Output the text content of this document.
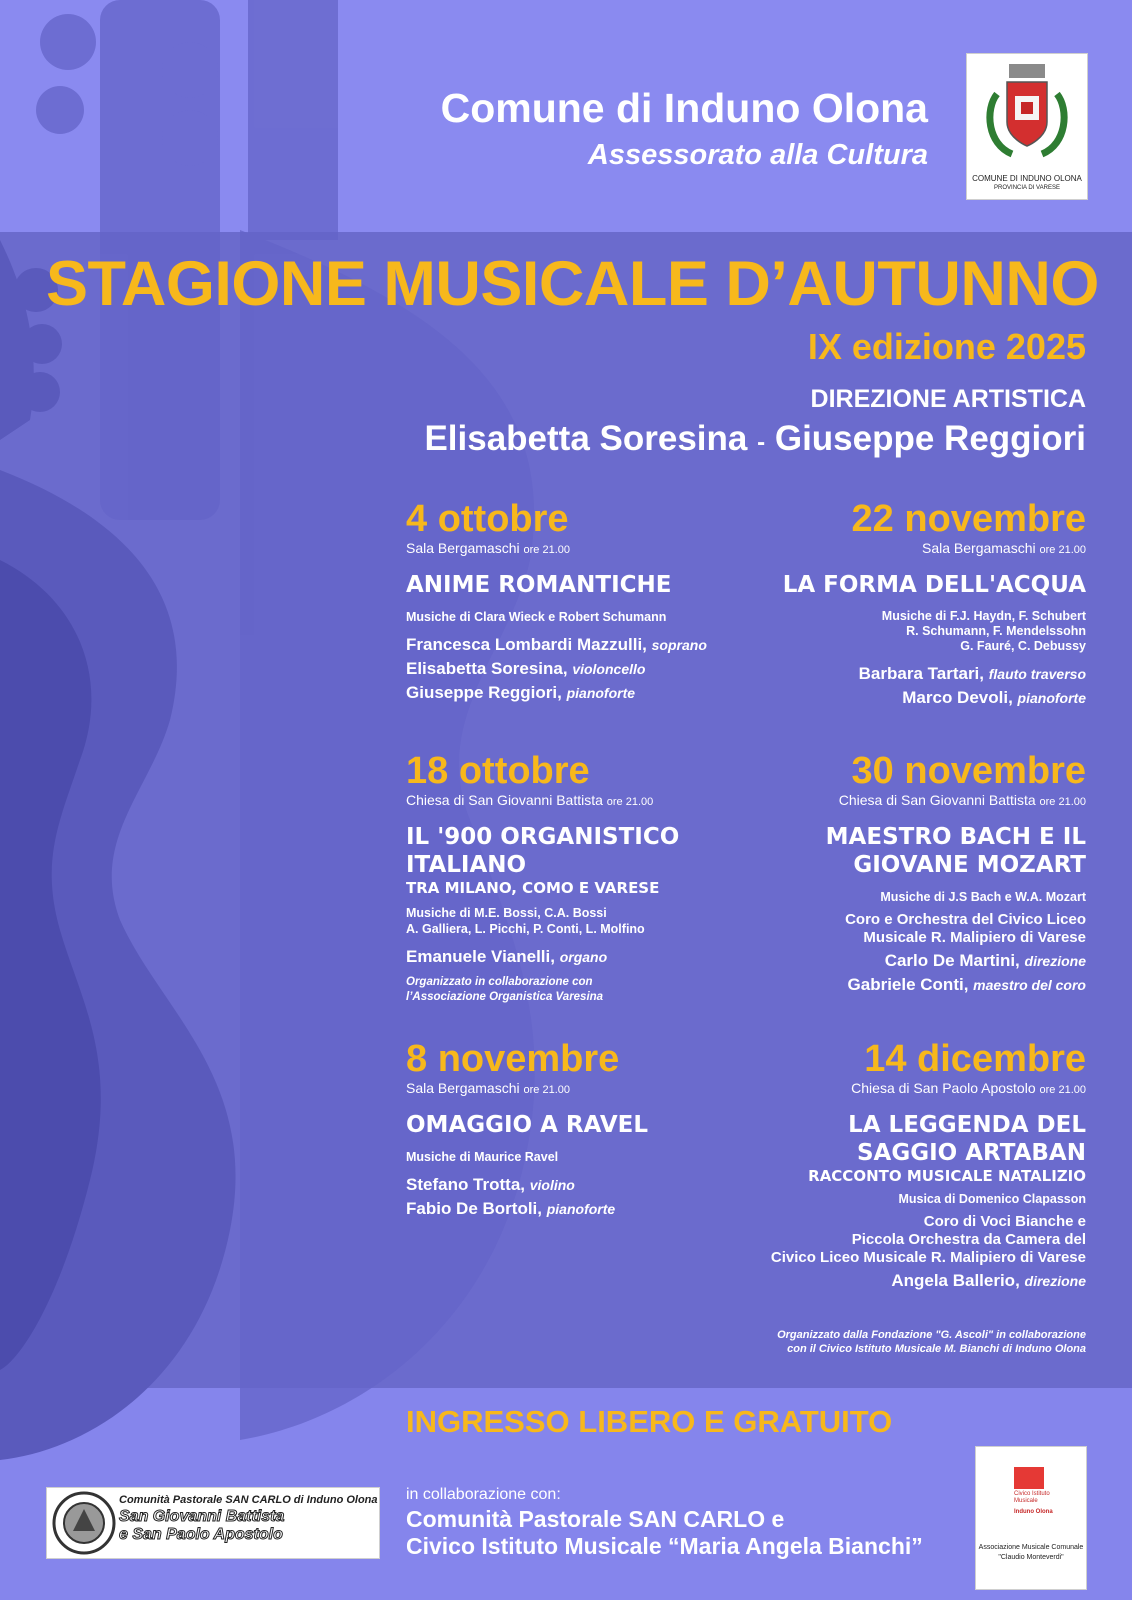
Comune di Induno Olona
Assessorato alla Cultura
COMUNE DI INDUNO OLONA
PROVINCIA DI VARESE
STAGIONE MUSICALE D’AUTUNNO
IX edizione 2025
DIREZIONE ARTISTICA
Elisabetta Soresina - Giuseppe Reggiori
4 ottobre
Sala Bergamaschi ore 21.00
ANIME ROMANTICHE
Musiche di Clara Wieck e Robert Schumann
Francesca Lombardi Mazzulli, soprano
Elisabetta Soresina, violoncello
Giuseppe Reggiori, pianoforte
18 ottobre
Chiesa di San Giovanni Battista ore 21.00
IL '900 ORGANISTICO ITALIANO
TRA MILANO, COMO E VARESE
Musiche di M.E. Bossi, C.A. Bossi
A. Galliera, L. Picchi, P. Conti, L. Molfino
Emanuele Vianelli, organo
Organizzato in collaborazione con
l’Associazione Organistica Varesina
8 novembre
Sala Bergamaschi ore 21.00
OMAGGIO A RAVEL
Musiche di Maurice Ravel
Stefano Trotta, violino
Fabio De Bortoli, pianoforte
22 novembre
Sala Bergamaschi ore 21.00
LA FORMA DELL'ACQUA
Musiche di F.J. Haydn, F. Schubert
R. Schumann, F. Mendelssohn
G. Fauré, C. Debussy
Barbara Tartari, flauto traverso
Marco Devoli, pianoforte
30 novembre
Chiesa di San Giovanni Battista ore 21.00
MAESTRO BACH E IL GIOVANE MOZART
Musiche di J.S Bach e W.A. Mozart
Coro e Orchestra del Civico Liceo
Musicale R. Malipiero di Varese
Carlo De Martini, direzione
Gabriele Conti, maestro del coro
14 dicembre
Chiesa di San Paolo Apostolo ore 21.00
LA LEGGENDA DEL SAGGIO ARTABAN
RACCONTO MUSICALE NATALIZIO
Musica di Domenico Clapasson
Coro di Voci Bianche e
Piccola Orchestra da Camera del
Civico Liceo Musicale R. Malipiero di Varese
Angela Ballerio, direzione
Organizzato dalla Fondazione "G. Ascoli" in collaborazione
con il Civico Istituto Musicale M. Bianchi di Induno Olona
INGRESSO LIBERO E GRATUITO
Comunità Pastorale SAN CARLO di Induno Olona
San Giovanni Battista
e San Paolo Apostolo
in collaborazione con:
Comunità Pastorale SAN CARLO e
Civico Istituto Musicale “Maria Angela Bianchi”
Civico Istituto Musicale
Induno Olona
Associazione Musicale Comunale
"Claudio Monteverdi"
